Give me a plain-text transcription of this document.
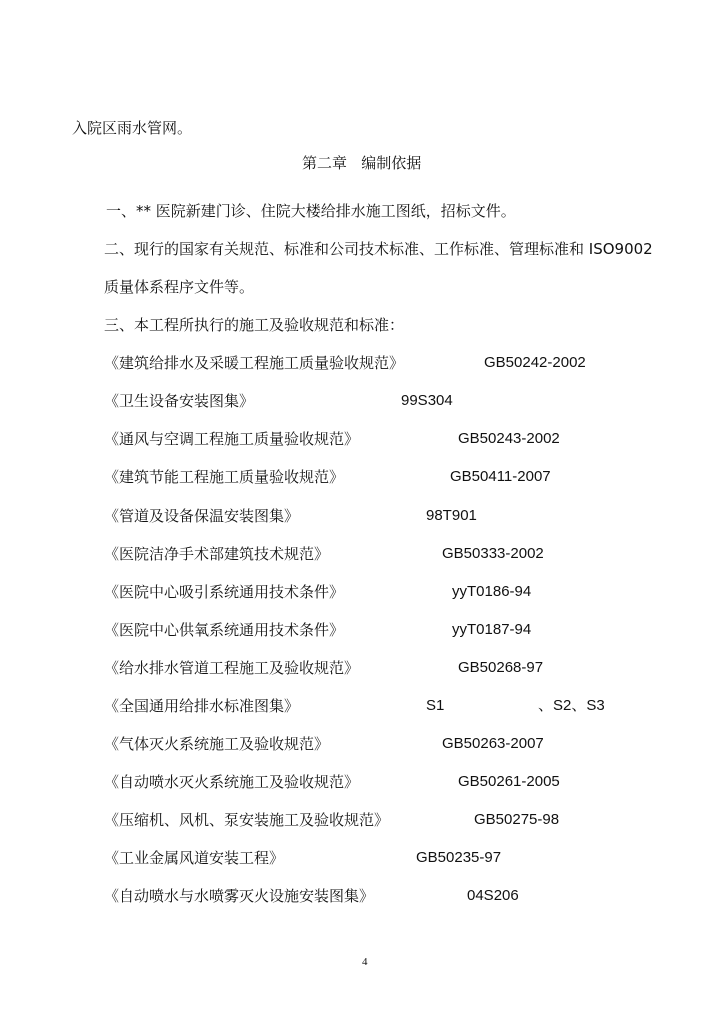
入院区雨水管网。
第二章   编制依据
一、** 医院新建门诊、住院大楼给排水施工图纸，招标文件。
二、现行的国家有关规范、标准和公司技术标准、工作标准、管理标准和 ISO9002
质量体系程序文件等。
三、本工程所执行的施工及验收规范和标准：
《建筑给排水及采暖工程施工质量验收规范》	GB50242-2002
《卫生设备安装图集》	99S304
《通风与空调工程施工质量验收规范》	GB50243-2002
《建筑节能工程施工质量验收规范》	GB50411-2007
《管道及设备保温安装图集》	98T901
《医院洁净手术部建筑技术规范》	GB50333-2002
《医院中心吸引系统通用技术条件》	yyT0186-94
《医院中心供氧系统通用技术条件》	yyT0187-94
《给水排水管道工程施工及验收规范》	GB50268-97
《全国通用给排水标准图集》	S1	、S2、S3
《气体灭火系统施工及验收规范》	GB50263-2007
《自动喷水灭火系统施工及验收规范》	GB50261-2005
《压缩机、风机、泵安装施工及验收规范》	GB50275-98
《工业金属风道安装工程》	GB50235-97
《自动喷水与水喷雾灭火设施安装图集》	04S206
4
